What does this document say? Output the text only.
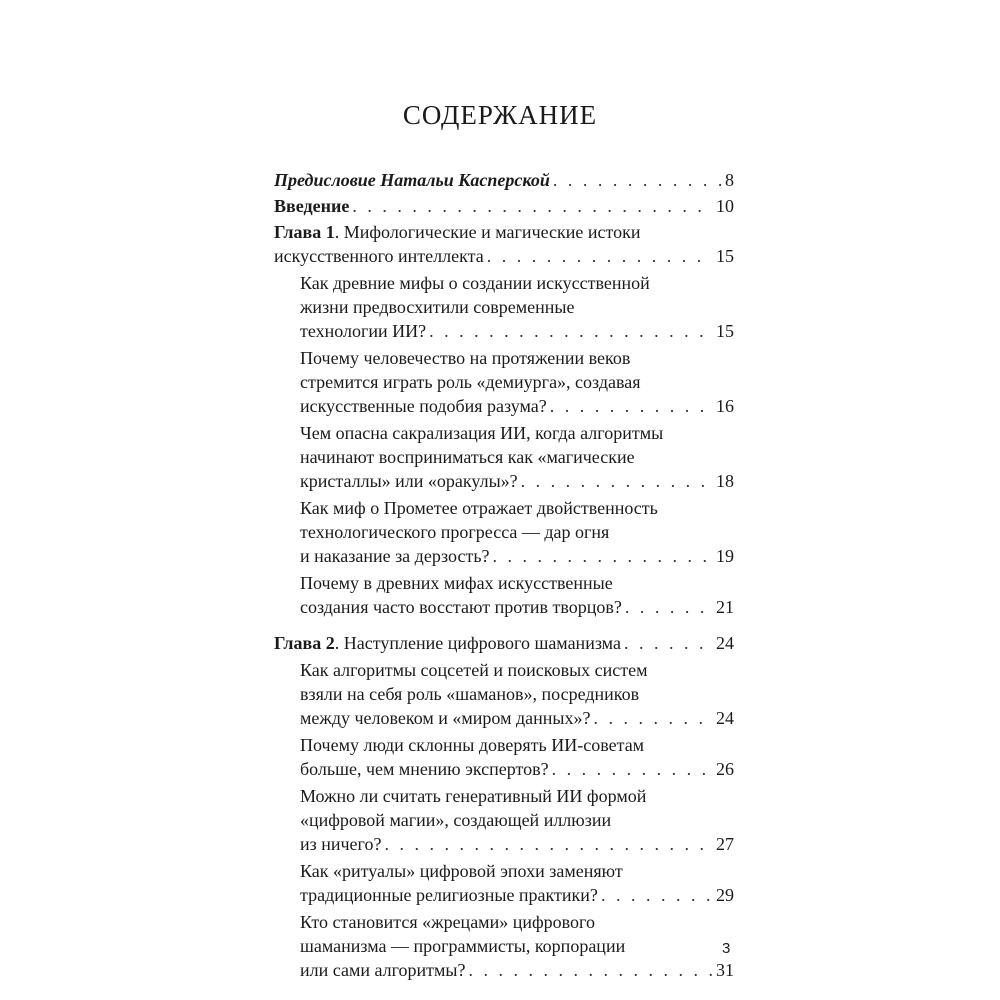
СОДЕРЖАНИЕ
Предисловие Натальи Касперской . . .	8
Введение . . .	10
Глава 1. Мифологические и магические истоки
искусственного интеллекта . . .	15
Как древние мифы о создании искусственной
жизни предвосхитили современные
технологии ИИ? . . .	15
Почему человечество на протяжении веков
стремится играть роль «демиурга», создавая
искусственные подобия разума? . . .	16
Чем опасна сакрализация ИИ, когда алгоритмы
начинают восприниматься как «магические
кристаллы» или «оракулы»? . . .	18
Как миф о Прометее отражает двойственность
технологического прогресса — дар огня
и наказание за дерзость? . . .	19
Почему в древних мифах искусственные
создания часто восстают против творцов? . . .	21
Глава 2. Наступление цифрового шаманизма . . .	24
Как алгоритмы соцсетей и поисковых систем
взяли на себя роль «шаманов», посредников
между человеком и «миром данных»? . . .	24
Почему люди склонны доверять ИИ-советам
больше, чем мнению экспертов? . . .	26
Можно ли считать генеративный ИИ формой
«цифровой магии», создающей иллюзии
из ничего? . . .	27
Как «ритуалы» цифровой эпохи заменяют
традиционные религиозные практики? . . .	29
Кто становится «жрецами» цифрового
шаманизма — программисты, корпорации
или сами алгоритмы? . . .	31
3
